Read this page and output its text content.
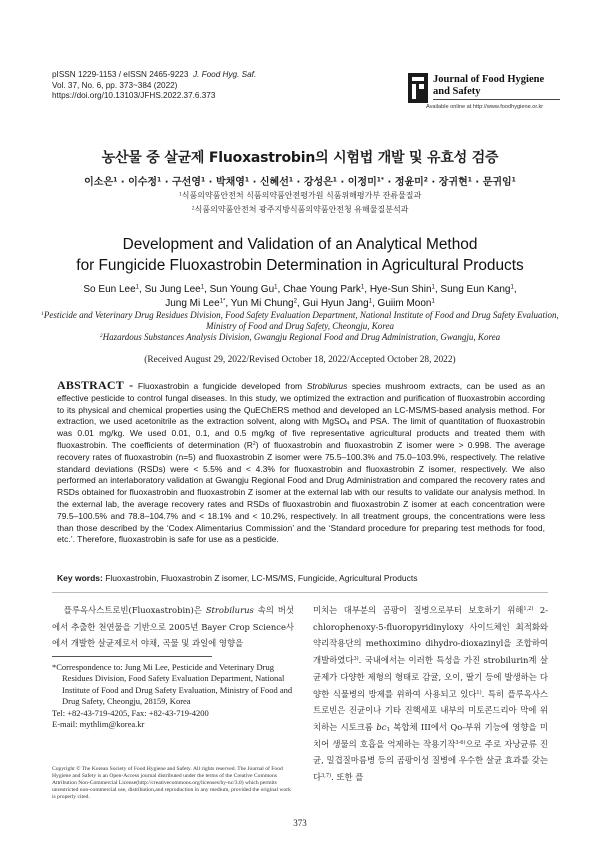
pISSN 1229-1153 / eISSN 2465-9223 J. Food Hyg. Saf.
Vol. 37, No. 6, pp. 373~384 (2022)
https://doi.org/10.13103/JFHS.2022.37.6.373
Journal of Food Hygiene
and Safety
Available online at http://www.foodhygiene.or.kr
농산물 중 살균제 Fluoxastrobin의 시험법 개발 및 유효성 검증
이소은$^1$ · 이수정$^1$ · 구선영$^1$ · 박채영$^1$ · 신혜선$^1$ · 강성은$^1$ · 이정미$^{1*}$ · 정윤미$^2$ · 장귀현$^1$ · 문귀임$^1$
$^1$식품의약품안전처 식품의약품안전평가원 식품위해평가부 잔류물질과
$^2$식품의약품안전처 광주지방식품의약품안전청 유해물질분석과
Development and Validation of an Analytical Method
for Fungicide Fluoxastrobin Determination in Agricultural Products
So Eun Lee$^1$, Su Jung Lee$^1$, Sun Young Gu$^1$, Chae Young Park$^1$, Hye-Sun Shin$^1$, Sung Eun Kang$^1$,
Jung Mi Lee$^{1*}$, Yun Mi Chung$^2$, Gui Hyun Jang$^1$, Guiim Moon$^1$
$^1$Pesticide and Veterinary Drug Residues Division, Food Safety Evaluation Department, National Institute of Food and Drug Safety Evaluation, Ministry of Food and Drug Safety, Cheongju, Korea
$^2$Hazardous Substances Analysis Division, Gwangju Regional Food and Drug Administration, Gwangju, Korea
(Received August 29, 2022/Revised October 18, 2022/Accepted October 28, 2022)
ABSTRACT - Fluoxastrobin a fungicide developed from Strobilurus species mushroom extracts, can be used as an effective pesticide to control fungal diseases. In this study, we optimized the extraction and purification of fluoxastrobin according to its physical and chemical properties using the QuEChERS method and developed an LC-MS/MS-based analysis method. For extraction, we used acetonitrile as the extraction solvent, along with MgSO$_4$ and PSA. The limit of quantitation of fluoxastrobin was 0.01 mg/kg. We used 0.01, 0.1, and 0.5 mg/kg of five representative agricultural products and treated them with fluoxastrobin. The coefficients of determination $(R^2)$ of fluoxastrobin and fluoxastrobin Z isomer were > 0.998. The average recovery rates of fluoxastrobin (n=5) and fluoxastrobin Z isomer were 75.5–100.3% and 75.0–103.9%, respectively. The relative standard deviations (RSDs) were < 5.5% and < 4.3% for fluoxastrobin and fluoxastrobin Z isomer, respectively. We also performed an interlaboratory validation at Gwangju Regional Food and Drug Administration and compared the recovery rates and RSDs obtained for fluoxastrobin and fluoxastrobin Z isomer at the external lab with our results to validate our analysis method. In the external lab, the average recovery rates and RSDs of fluoxastrobin and fluoxastrobin Z isomer at each concentration were 79.5–100.5% and 78.8–104.7% and < 18.1% and < 10.2%, respectively. In all treatment groups, the concentrations were less than those described by the ‘Codex Alimentarius Commission’ and the ‘Standard procedure for preparing test methods for food, etc.’. Therefore, fluoxastrobin is safe for use as a pesticide.
Key words: Fluoxastrobin, Fluoxastrobin Z isomer, LC-MS/MS, Fungicide, Agricultural Products
플루옥사스트로빈(Fluoxastrobin)은 Strobilurus 속의 버섯에서 추출한 천연물을 기반으로 2005년 Bayer Crop Science사에서 개발한 살균제로서 야채, 곡물 및 과일에 영향을
*Correspondence to: Jung Mi Lee, Pesticide and Veterinary Drug Residues Division, Food Safety Evaluation Department, National Institute of Food and Drug Safety Evaluation, Ministry of Food and Drug Safety, Cheongju, 28159, Korea
Tel: +82-43-719-4205, Fax: +82-43-719-4200
E-mail: mythlim@korea.kr
Copyright © The Korean Society of Food Hygiene and Safety. All rights reserved. The Journal of Food Hygiene and Safety is an Open-Access journal distributed under the terms of the Creative Commons Attribution Non-Commercial License(http://creativecommons.org/licenses/by-nc/3.0) which permits unrestricted non-commercial use, distribution,and reproduction in any medium, provided the original work is properly cited.
미치는 대부분의 곰팡이 질병으로부터 보호하기 위해$^{1,2)}$ 2-chlorophenoxy-5-fluoropyridinyloxy 사이드체인 최적화와 약리작용단의 methoximino dihydro-dioxazinyl을 조합하여 개발하였다$^{3)}$. 국내에서는 이러한 특성을 가진 strobilurin계 살균제가 다양한 제형의 형태로 감귤, 오이, 딸기 등에 발생하는 다양한 식물병의 방제를 위하여 사용되고 있다$^{1)}$. 특히 플루옥사스트로빈은 진균이나 기타 진핵세포 내부의 미토콘드리아 막에 위치하는 시토크롬 $bc_1$ 복합체 III에서 Qo-부위 기능에 영향을 미치어 생물의 호흡을 억제하는 작용기작$^{3-6)}$으로 주로 자낭균류 진균, 밀겹질마름병 등의 곰팡이성 질병에 우수한 살균 효과를 갖는다$^{3,7)}$. 또한 플
373
